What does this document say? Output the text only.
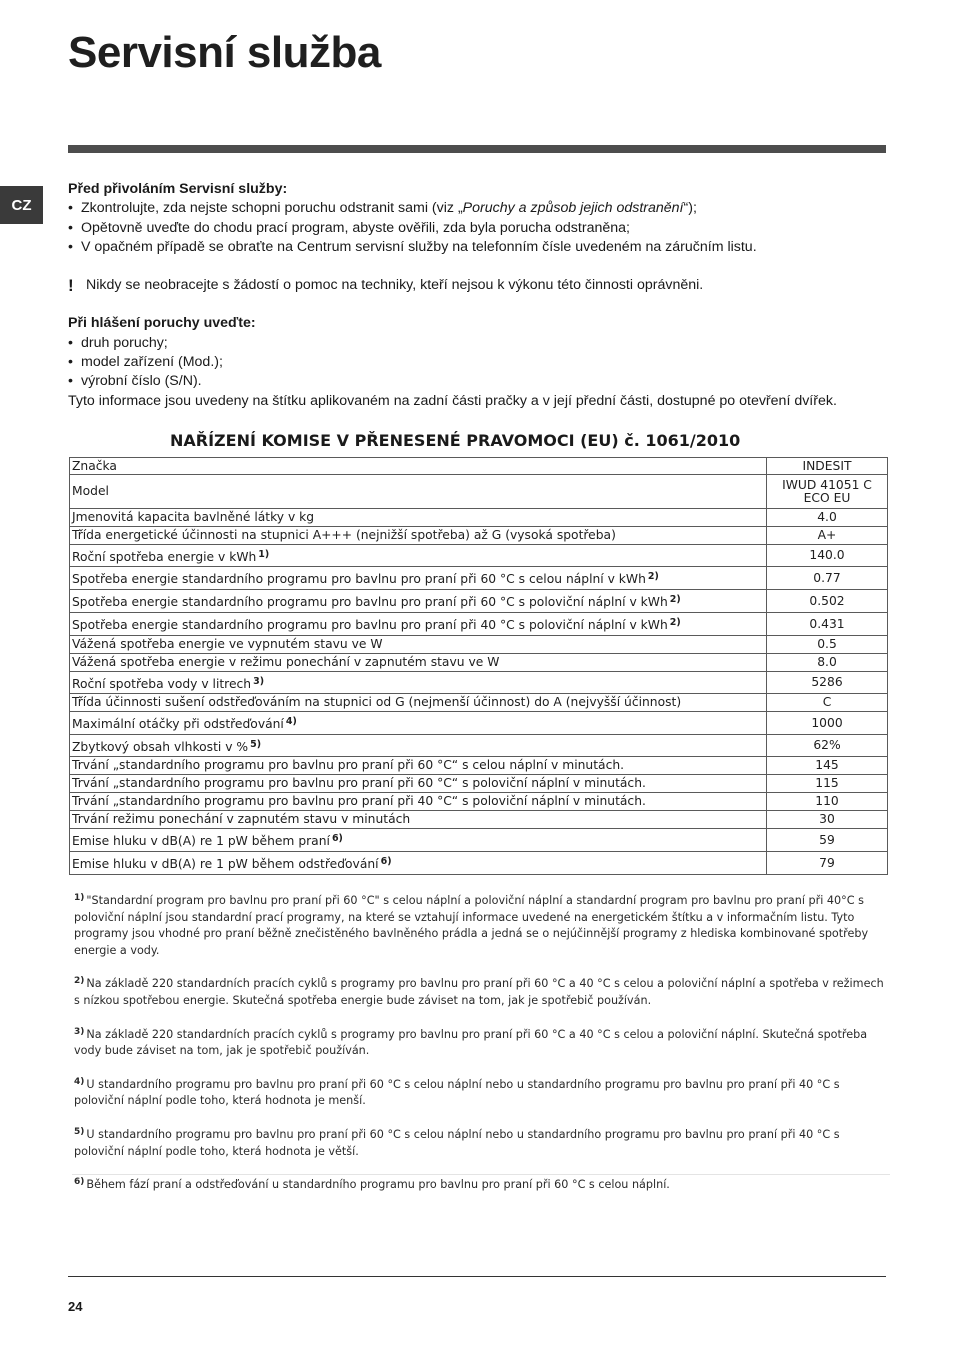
Servisní služba
CZ

Před přivoláním Servisní služby:

• Zkontrolujte, zda nejste schopni poruchu odstranit sami (viz „Poruchy a způsob jejich odstranění“);
• Opětovně uveďte do chodu prací program, abyste ověřili, zda byla porucha odstraněna;
• V opačném případě se obraťte na Centrum servisní služby na telefonním čísle uvedeném na záručním listu.
! Nikdy se neobracejte s žádostí o pomoc na techniky, kteří nejsou k výkonu této činnosti oprávněni.

Při hlášení poruchy uveďte:

• druh poruchy;
• model zařízení (Mod.);
• výrobní číslo (S/N).

Tyto informace jsou uvedeny na štítku aplikovaném na zadní části pračky a v její přední části, dostupné po otevření dvířek.

NAŘÍZENÍ KOMISE V PŘENESENÉ PRAVOMOCI (EU) č. 1061/2010
Značka	INDESIT
Model	IWUD 41051 C ECO EU
Jmenovitá kapacita bavlněné látky v kg	4.0
Třída energetické účinnosti na stupnici A+++ (nejnižší spotřeba) až G (vysoká spotřeba)	A+
Roční spotřeba energie v kWh $^{1)}$	140.0
Spotřeba energie standardního programu pro bavlnu pro praní při 60 °C s celou náplní v kWh $^{2)}$	0.77
Spotřeba energie standardního programu pro bavlnu pro praní při 60 °C s poloviční náplní v kWh $^{2)}$	0.502
Spotřeba energie standardního programu pro bavlnu pro praní při 40 °C s poloviční náplní v kWh $^{2)}$	0.431
Vážená spotřeba energie ve vypnutém stavu ve W	0.5
Vážená spotřeba energie v režimu ponechání v zapnutém stavu ve W	8.0
Roční spotřeba vody v litrech $^{3)}$	5286
Třída účinnosti sušení odstřeďováním na stupnici od G (nejmenší účinnost) do A (nejvyšší účinnost)	C
Maximální otáčky při odstřeďování $^{4)}$	1000
Zbytkový obsah vlhkosti v % $^{5)}$	62%
Trvání „standardního programu pro bavlnu pro praní při 60 °C“ s celou náplní v minutách.	145
Trvání „standardního programu pro bavlnu pro praní při 60 °C“ s poloviční náplní v minutách.	115
Trvání „standardního programu pro bavlnu pro praní při 40 °C“ s poloviční náplní v minutách.	110
Trvání režimu ponechání v zapnutém stavu v minutách	30
Emise hluku v dB(A) re 1 pW během praní $^{6)}$	59
Emise hluku v dB(A) re 1 pW během odstřeďování $^{6)}$	79

$^{1)}$ "Standardní program pro bavlnu pro praní při 60 °C" s celou náplní a poloviční náplní a standardní program pro bavlnu pro praní při 40°C s poloviční náplní jsou standardní prací programy, na které se vztahují informace uvedené na energetickém štítku a v informačním listu. Tyto programy jsou vhodné pro praní běžně znečistěného bavlněného prádla a jedná se o nejúčinnější programy z hlediska kombinované spotřeby energie a vody.

$^{2)}$ Na základě 220 standardních pracích cyklů s programy pro bavlnu pro praní při 60 °C a 40 °C s celou a poloviční náplní a spotřeba v režimech s nízkou spotřebou energie. Skutečná spotřeba energie bude záviset na tom, jak je spotřebič používán.

$^{3)}$ Na základě 220 standardních pracích cyklů s programy pro bavlnu pro praní při 60 °C a 40 °C s celou a poloviční náplní. Skutečná spotřeba vody bude záviset na tom, jak je spotřebič používán.

$^{4)}$ U standardního programu pro bavlnu pro praní při 60 °C s celou náplní nebo u standardního programu pro bavlnu pro praní při 40 °C s poloviční náplní podle toho, která hodnota je menší.

$^{5)}$ U standardního programu pro bavlnu pro praní při 60 °C s celou náplní nebo u standardního programu pro bavlnu pro praní při 40 °C s poloviční náplní podle toho, která hodnota je větší.

$^{6)}$ Během fází praní a odstřeďování u standardního programu pro bavlnu pro praní při 60 °C s celou náplní.

24
